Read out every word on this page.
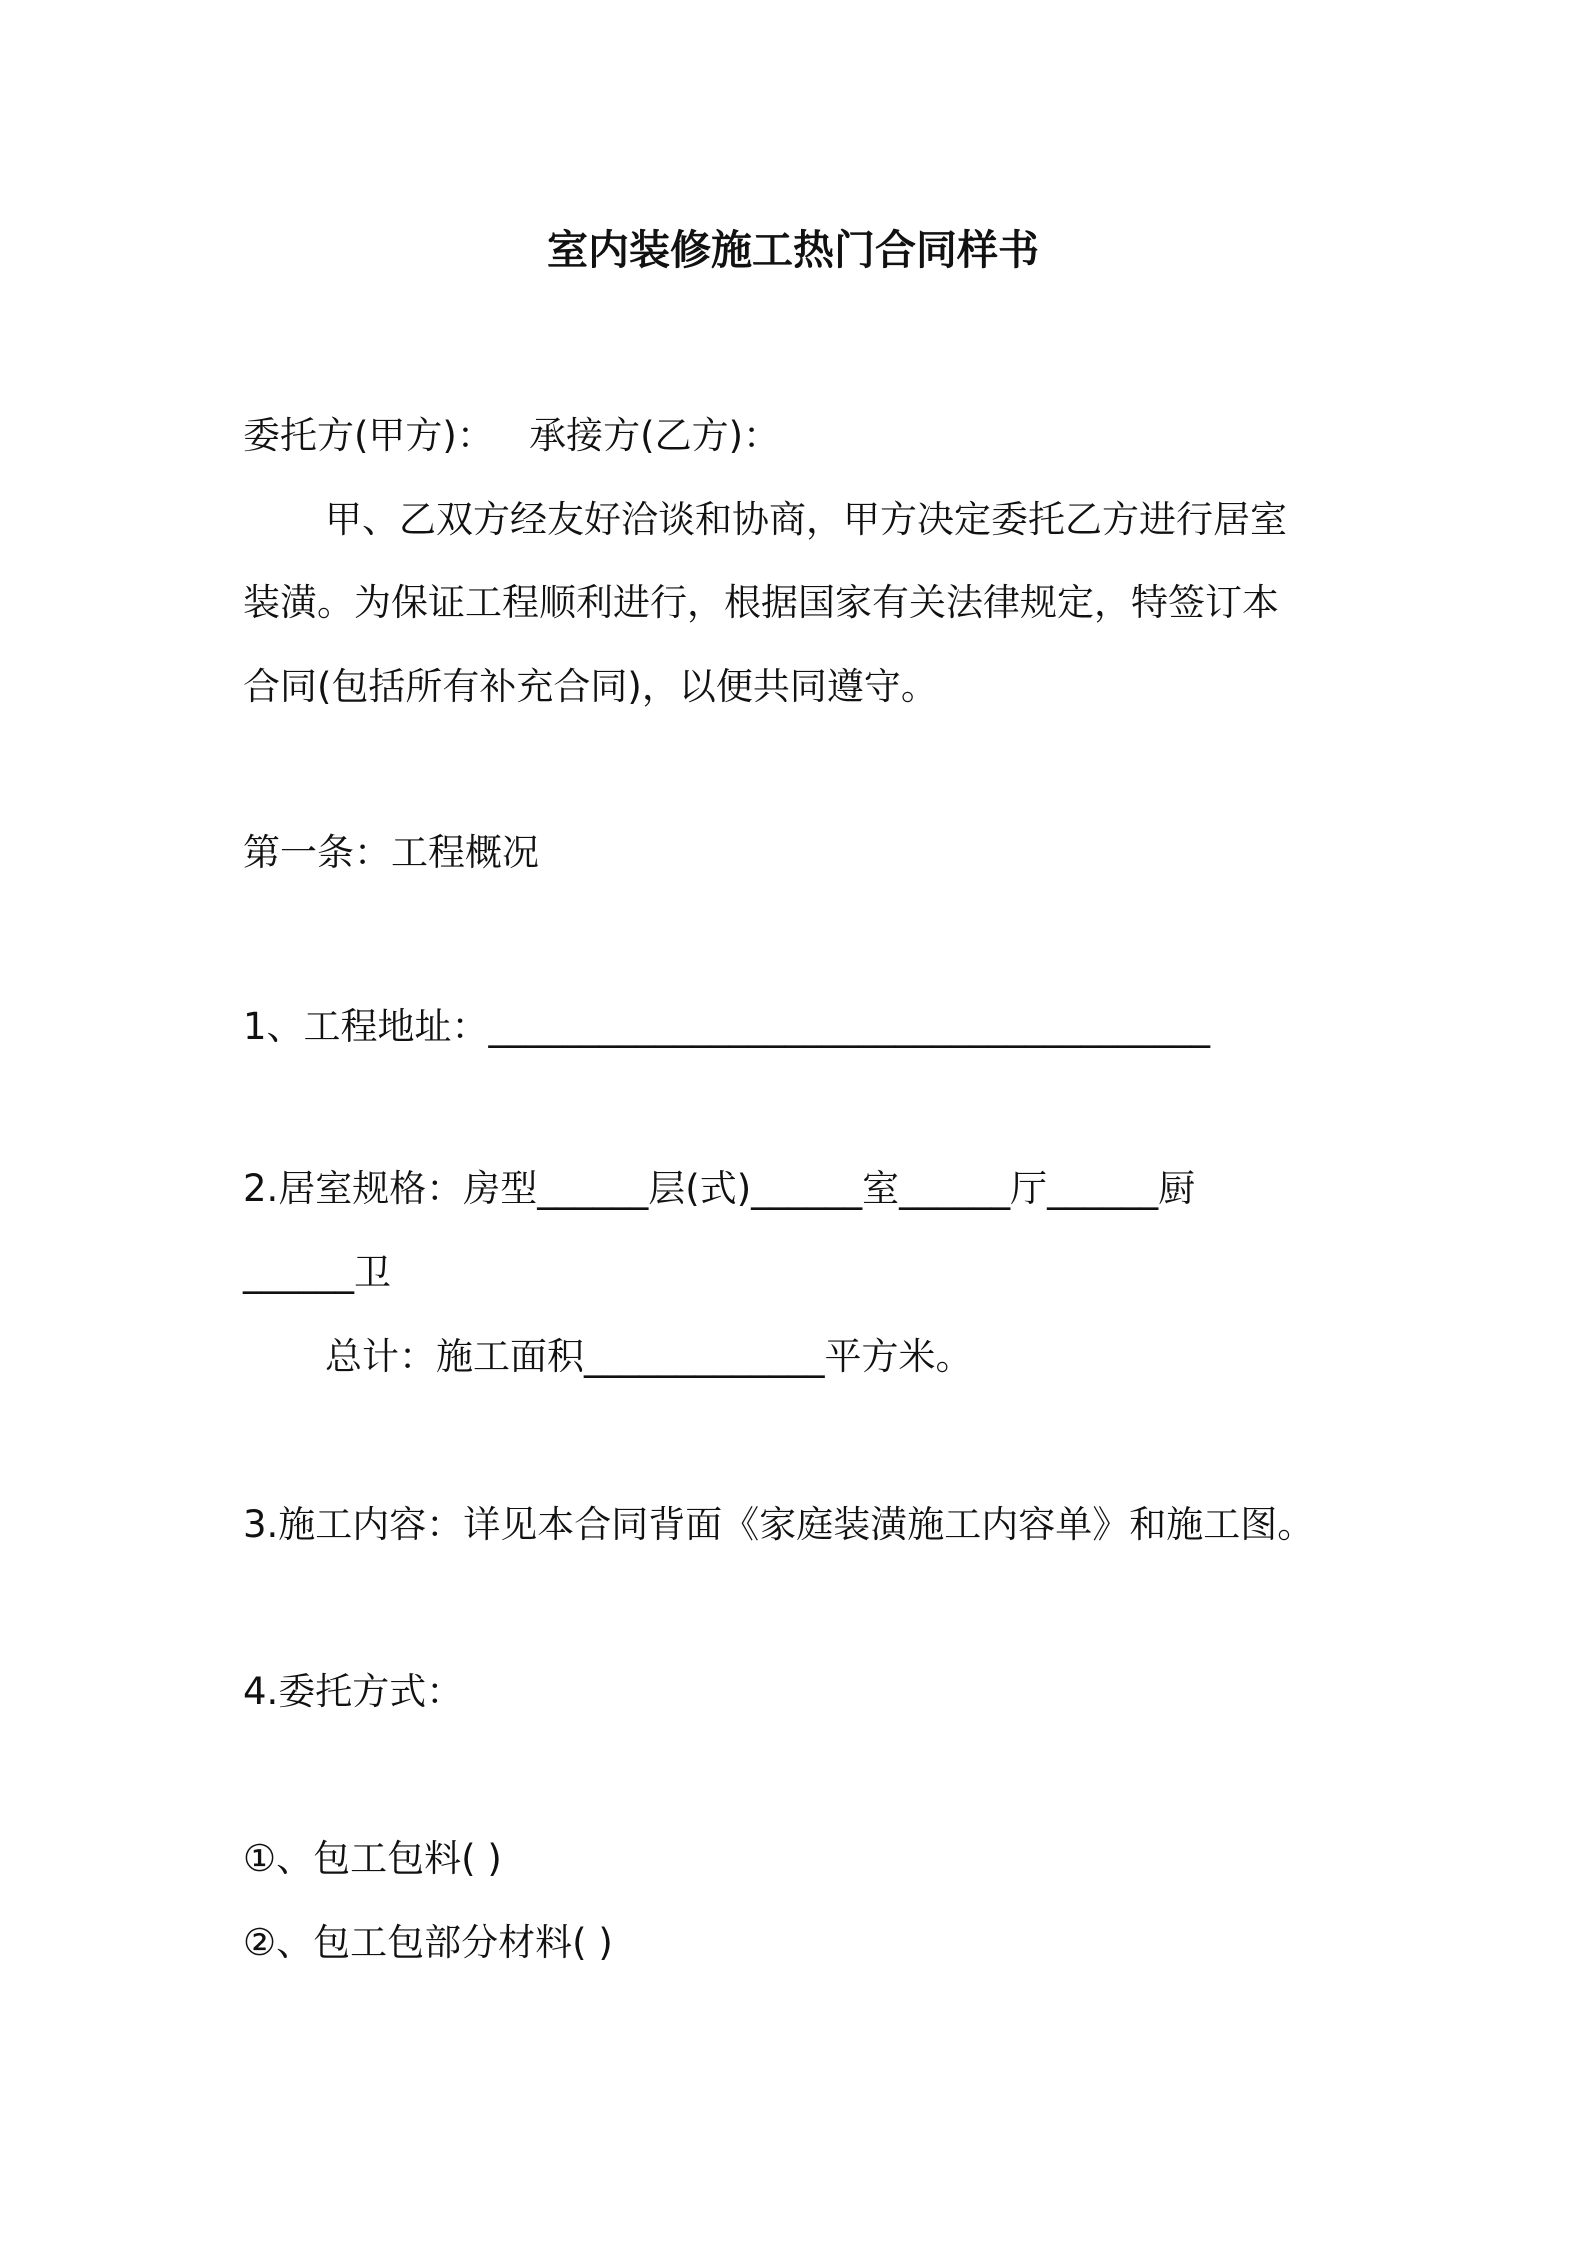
室内装修施工热门合同样书

委托方(甲方)：   承接方(乙方)：

甲、乙双方经友好洽谈和协商，甲方决定委托乙方进行居室

装潢。为保证工程顺利进行，根据国家有关法律规定，特签订本

合同(包括所有补充合同)，以便共同遵守。

第一条：工程概况

1、工程地址：_______________________________________

2.居室规格：房型______层(式)______室______厅______厨

______卫

总计：施工面积_____________平方米。

3.施工内容：详见本合同背面《家庭装潢施工内容单》和施工图。

4.委托方式：

①、包工包料( )

②、包工包部分材料( )
